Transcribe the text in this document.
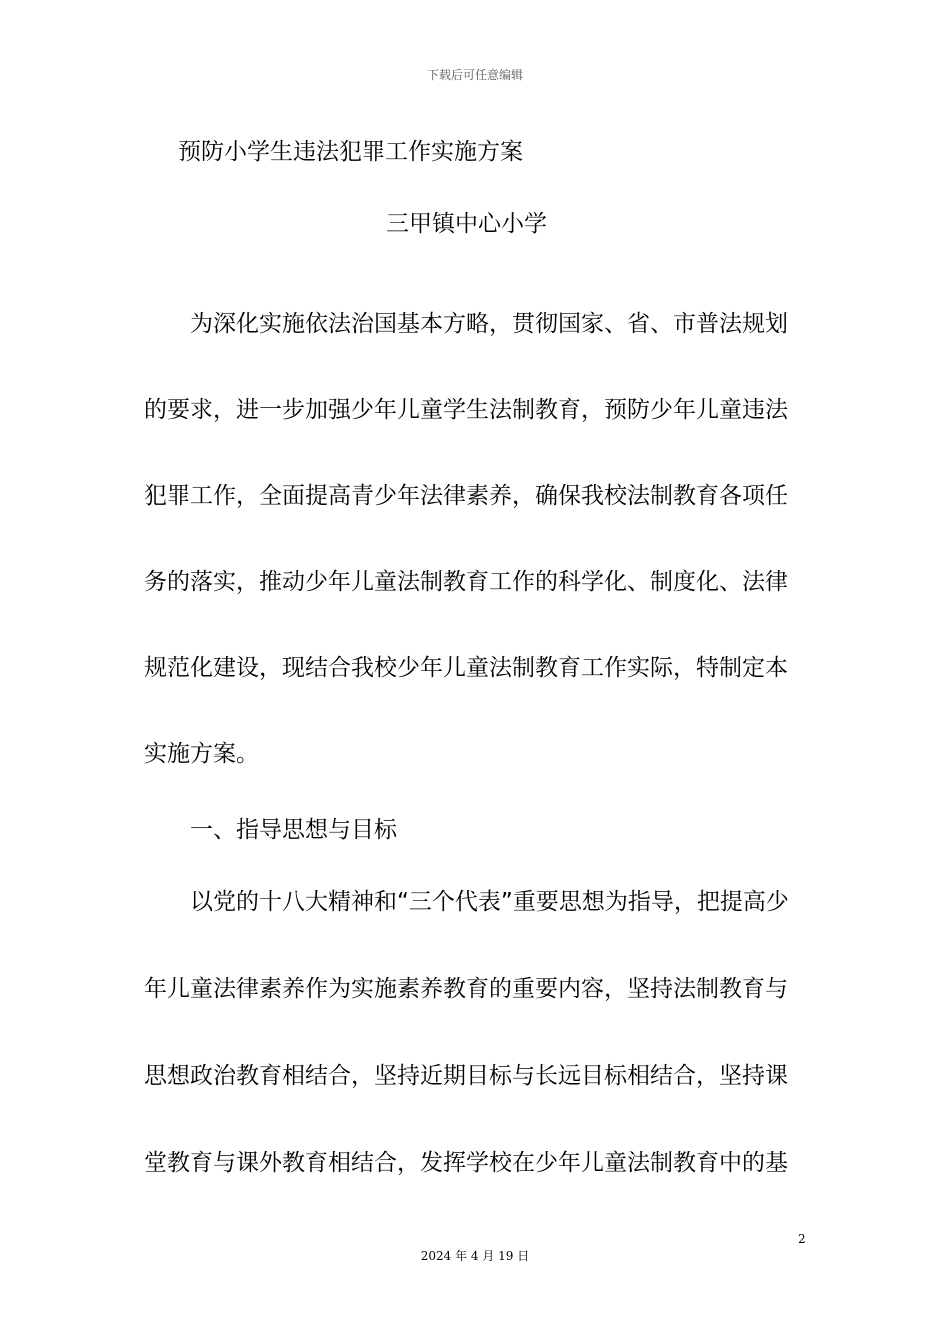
下载后可任意编辑
预防小学生违法犯罪工作实施方案
三甲镇中心小学
为深化实施依法治国基本方略，贯彻国家、省、市普法规划
的要求，进一步加强少年儿童学生法制教育，预防少年儿童违法
犯罪工作，全面提高青少年法律素养，确保我校法制教育各项任
务的落实，推动少年儿童法制教育工作的科学化、制度化、法律
规范化建设，现结合我校少年儿童法制教育工作实际，特制定本
实施方案。
一、指导思想与目标
以党的十八大精神和“三个代表”重要思想为指导，把提高少
年儿童法律素养作为实施素养教育的重要内容，坚持法制教育与
思想政治教育相结合，坚持近期目标与长远目标相结合，坚持课
堂教育与课外教育相结合，发挥学校在少年儿童法制教育中的基
2
2024 年 4 月 19 日
